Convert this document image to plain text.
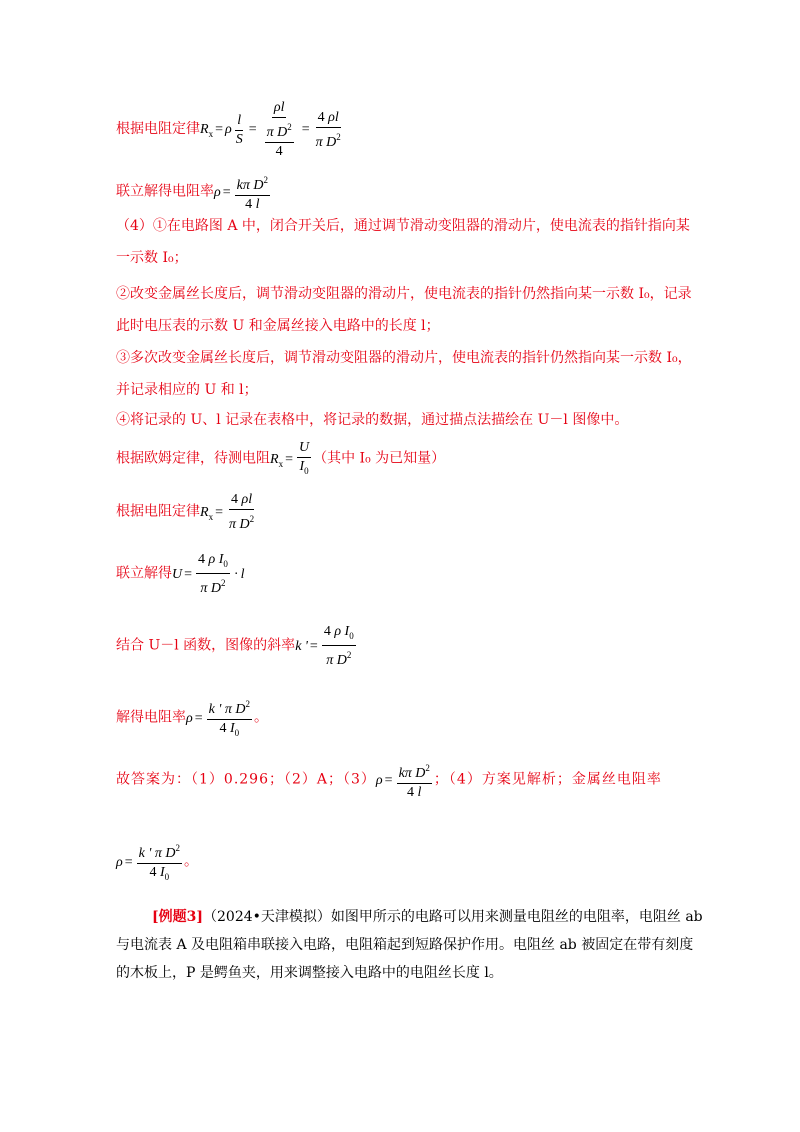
根据电阻定律$R_x = \rho \frac{l}{S} = \frac{\rho l}{\frac{\pi D^2}{4}} = \frac{4 \rho l}{\pi D^2}$
联立解得电阻率$\rho = \frac{k\pi D^2}{4 l}$
（4）①在电路图 A 中，闭合开关后，通过调节滑动变阻器的滑动片，使电流表的指针指向某
一示数 I₀；
②改变金属丝长度后，调节滑动变阻器的滑动片，使电流表的指针仍然指向某一示数 I₀，记录
此时电压表的示数 U 和金属丝接入电路中的长度 l；
③多次改变金属丝长度后，调节滑动变阻器的滑动片，使电流表的指针仍然指向某一示数 I₀，
并记录相应的 U 和 l；
④将记录的 U、l 记录在表格中，将记录的数据，通过描点法描绘在 U－l 图像中。
根据欧姆定律，待测电阻$R_x = \frac{U}{I_0}$ （其中 I₀ 为已知量）
根据电阻定律$R_x = \frac{4 \rho l}{\pi D^2}$
联立解得$U = \frac{4 \rho I_0}{\pi D^2} \cdot l$
结合 U－l 函数，图像的斜率k ' = $\frac{4 \rho I_0}{\pi D^2}$
解得电阻率$\rho = \frac{k ' \pi D^2}{4 I_0}$ 。
故答案为：（1）0.296；（2）A；$(3)\rho = \frac{k\pi D^2}{4 l}$ ；（4）方案见解析；金属丝电阻率
$\rho = \frac{k ' \pi D^2}{4 I_0}$ 。
[例题3]（2024•天津模拟）如图甲所示的电路可以用来测量电阻丝的电阻率，电阻丝 ab
与电流表 A 及电阻箱串联接入电路，电阻箱起到短路保护作用。电阻丝 ab 被固定在带有刻度
的木板上，P 是鳄鱼夹，用来调整接入电路中的电阻丝长度 l。
